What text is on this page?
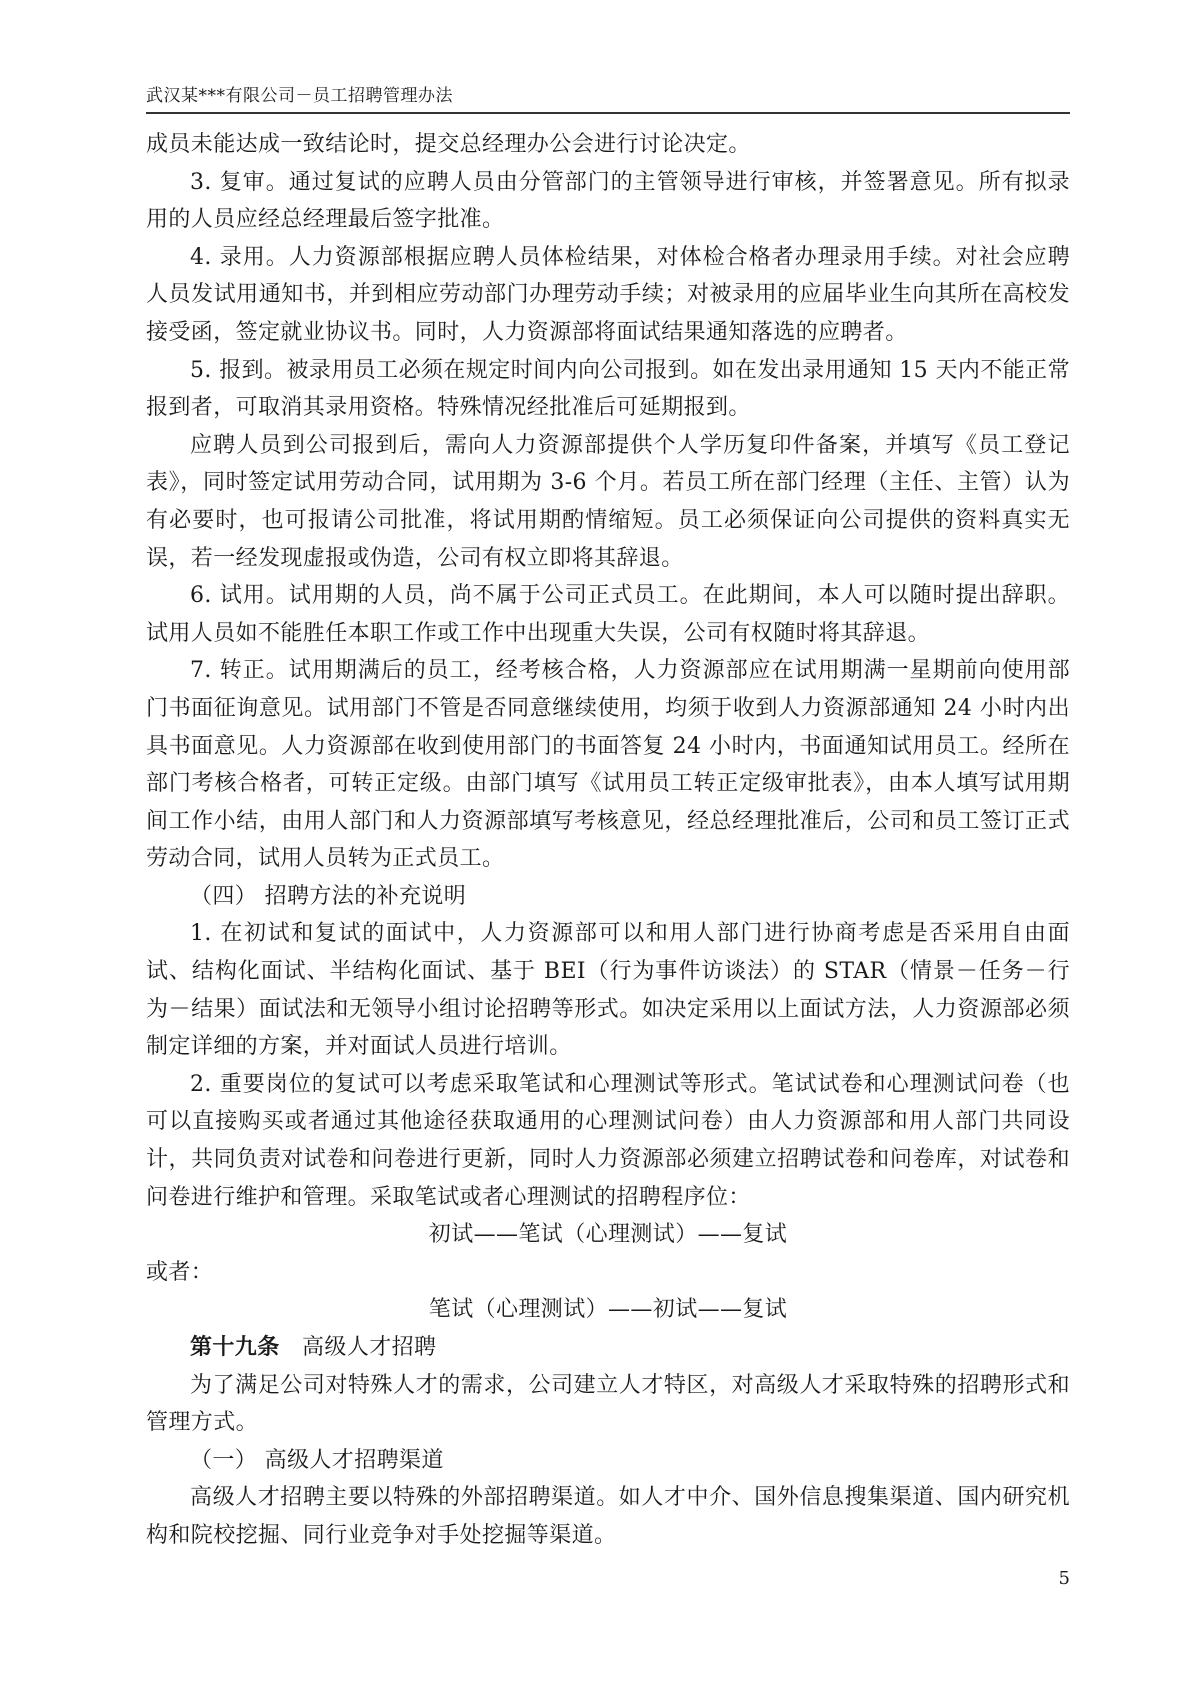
武汉某***有限公司－员工招聘管理办法

成员未能达成一致结论时，提交总经理办公会进行讨论决定。

3. 复审。通过复试的应聘人员由分管部门的主管领导进行审核，并签署意见。所有拟录用的人员应经总经理最后签字批准。

4. 录用。人力资源部根据应聘人员体检结果，对体检合格者办理录用手续。对社会应聘人员发试用通知书，并到相应劳动部门办理劳动手续；对被录用的应届毕业生向其所在高校发接受函，签定就业协议书。同时，人力资源部将面试结果通知落选的应聘者。

5. 报到。被录用员工必须在规定时间内向公司报到。如在发出录用通知 15 天内不能正常报到者，可取消其录用资格。特殊情况经批准后可延期报到。

应聘人员到公司报到后，需向人力资源部提供个人学历复印件备案，并填写《员工登记表》，同时签定试用劳动合同，试用期为 3-6 个月。若员工所在部门经理（主任、主管）认为有必要时，也可报请公司批准，将试用期酌情缩短。员工必须保证向公司提供的资料真实无误，若一经发现虚报或伪造，公司有权立即将其辞退。

6. 试用。试用期的人员，尚不属于公司正式员工。在此期间，本人可以随时提出辞职。试用人员如不能胜任本职工作或工作中出现重大失误，公司有权随时将其辞退。

7. 转正。试用期满后的员工，经考核合格，人力资源部应在试用期满一星期前向使用部门书面征询意见。试用部门不管是否同意继续使用，均须于收到人力资源部通知 24 小时内出具书面意见。人力资源部在收到使用部门的书面答复 24 小时内，书面通知试用员工。经所在部门考核合格者，可转正定级。由部门填写《试用员工转正定级审批表》，由本人填写试用期间工作小结，由用人部门和人力资源部填写考核意见，经总经理批准后，公司和员工签订正式劳动合同，试用人员转为正式员工。

（四） 招聘方法的补充说明

1. 在初试和复试的面试中，人力资源部可以和用人部门进行协商考虑是否采用自由面试、结构化面试、半结构化面试、基于 BEI（行为事件访谈法）的 STAR（情景－任务－行为－结果）面试法和无领导小组讨论招聘等形式。如决定采用以上面试方法，人力资源部必须制定详细的方案，并对面试人员进行培训。

2. 重要岗位的复试可以考虑采取笔试和心理测试等形式。笔试试卷和心理测试问卷（也可以直接购买或者通过其他途径获取通用的心理测试问卷）由人力资源部和用人部门共同设计，共同负责对试卷和问卷进行更新，同时人力资源部必须建立招聘试卷和问卷库，对试卷和问卷进行维护和管理。采取笔试或者心理测试的招聘程序位：

初试——笔试（心理测试）——复试

或者：

笔试（心理测试）——初试——复试

第十九条　 高级人才招聘

为了满足公司对特殊人才的需求，公司建立人才特区，对高级人才采取特殊的招聘形式和管理方式。

（一） 高级人才招聘渠道

高级人才招聘主要以特殊的外部招聘渠道。如人才中介、国外信息搜集渠道、国内研究机构和院校挖掘、同行业竞争对手处挖掘等渠道。

5
